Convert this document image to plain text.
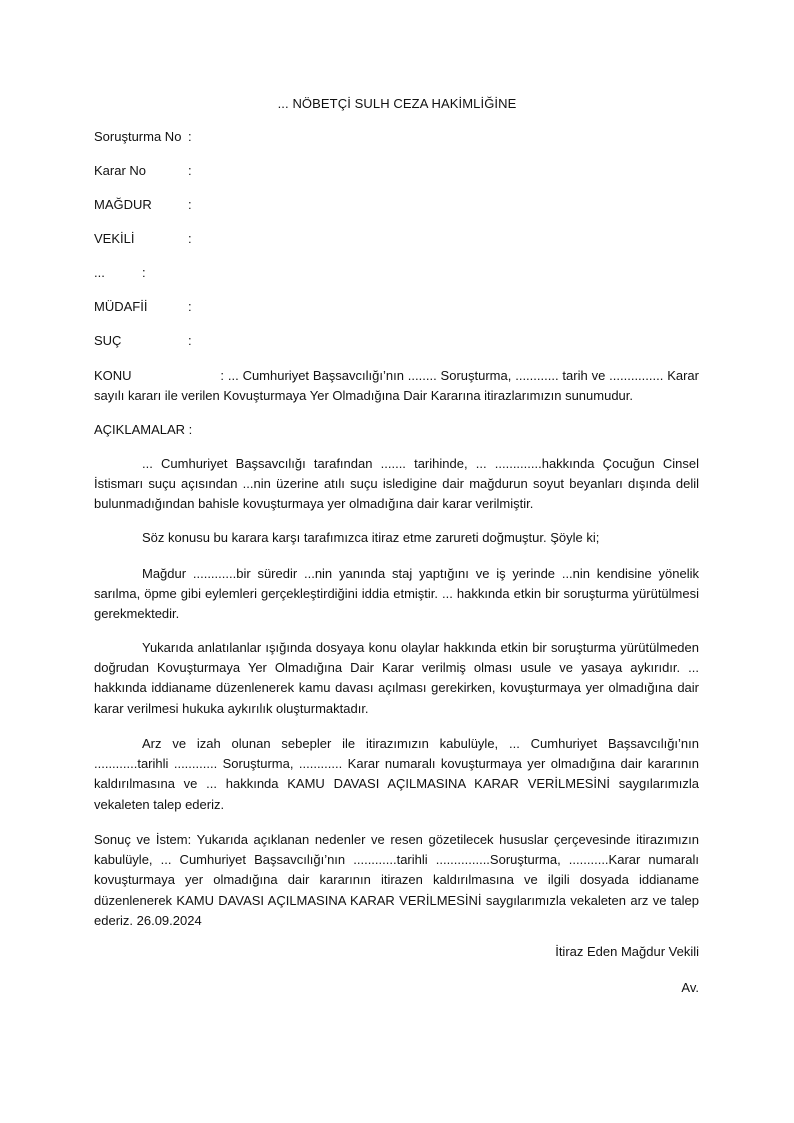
... NÖBETÇİ SULH CEZA HAKİMLİĞİNE
Soruşturma No :
Karar No	:
MAĞDUR	:
VEKİLİ	:
...	:
MÜDAFİİ	:
SUÇ	:
KONU                       : ... Cumhuriyet Başsavcılığı’nın ........ Soruşturma, ............ tarih ve ............... Karar sayılı kararı ile verilen Kovuşturmaya Yer Olmadığına Dair Kararına itirazlarımızın sunumudur.
AÇIKLAMALAR :
... Cumhuriyet Başsavcılığı tarafından ....... tarihinde, ... .............hakkında Çocuğun Cinsel İstismarı suçu açısından ...nin üzerine atılı suçu isledigine dair mağdurun soyut beyanları dışında delil bulunmadığından bahisle kovuşturmaya yer olmadığına dair karar verilmiştir.
Söz konusu bu karara karşı tarafımızca itiraz etme zarureti doğmuştur. Şöyle ki;
Mağdur ............bir süredir ...nin yanında staj yaptığını ve iş yerinde ...nin kendisine yönelik sarılma, öpme gibi eylemleri gerçekleştirdiğini iddia etmiştir. ... hakkında etkin bir soruşturma yürütülmesi gerekmektedir.
Yukarıda anlatılanlar ışığında dosyaya konu olaylar hakkında etkin bir soruşturma yürütülmeden doğrudan Kovuşturmaya Yer Olmadığına Dair Karar verilmiş olması usule ve yasaya aykırıdır. ... hakkında iddianame düzenlenerek kamu davası açılması gerekirken, kovuşturmaya yer olmadığına dair karar verilmesi hukuka aykırılık oluşturmaktadır.
Arz ve izah olunan sebepler ile itirazımızın kabulüyle, ... Cumhuriyet Başsavcılığı’nın ............tarihli ............ Soruşturma, ............ Karar numaralı kovuşturmaya yer olmadığına dair kararının kaldırılmasına ve ... hakkında KAMU DAVASI AÇILMASINA KARAR VERİLMESİNİ saygılarımızla vekaleten talep ederiz.
Sonuç ve İstem: Yukarıda açıklanan nedenler ve resen gözetilecek hususlar çerçevesinde itirazımızın kabulüyle, ... Cumhuriyet Başsavcılığı’nın ............tarihli ...............Soruşturma, ...........Karar numaralı kovuşturmaya yer olmadığına dair kararının itirazen kaldırılmasına ve ilgili dosyada iddianame düzenlenerek KAMU DAVASI AÇILMASINA KARAR VERİLMESİNİ saygılarımızla vekaleten arz ve talep ederiz. 26.09.2024
İtiraz Eden Mağdur Vekili
Av.
